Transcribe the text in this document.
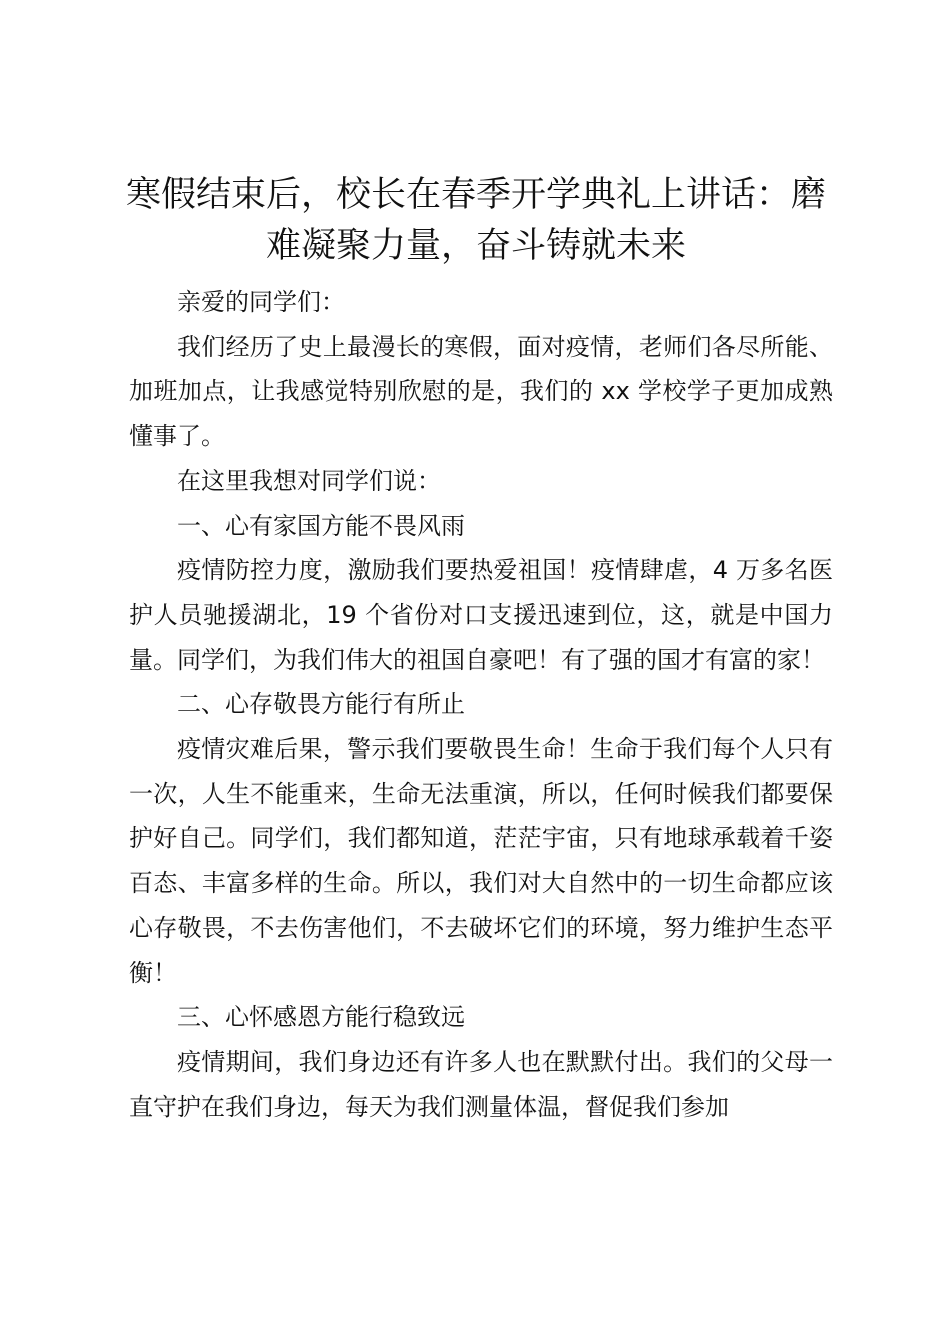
寒假结束后，校长在春季开学典礼上讲话：磨难凝聚力量，奋斗铸就未来

亲爱的同学们：

我们经历了史上最漫长的寒假，面对疫情，老师们各尽所能、加班加点，让我感觉特别欣慰的是，我们的 xx 学校学子更加成熟懂事了。

在这里我想对同学们说：

一、心有家国方能不畏风雨

疫情防控力度，激励我们要热爱祖国！疫情肆虐，4 万多名医护人员驰援湖北，19 个省份对口支援迅速到位，这，就是中国力量。同学们，为我们伟大的祖国自豪吧！有了强的国才有富的家！

二、心存敬畏方能行有所止

疫情灾难后果，警示我们要敬畏生命！生命于我们每个人只有一次，人生不能重来，生命无法重演，所以，任何时候我们都要保护好自己。同学们，我们都知道，茫茫宇宙，只有地球承载着千姿百态、丰富多样的生命。所以，我们对大自然中的一切生命都应该心存敬畏，不去伤害他们，不去破坏它们的环境，努力维护生态平衡！

三、心怀感恩方能行稳致远

疫情期间，我们身边还有许多人也在默默付出。我们的父母一直守护在我们身边，每天为我们测量体温，督促我们参加
